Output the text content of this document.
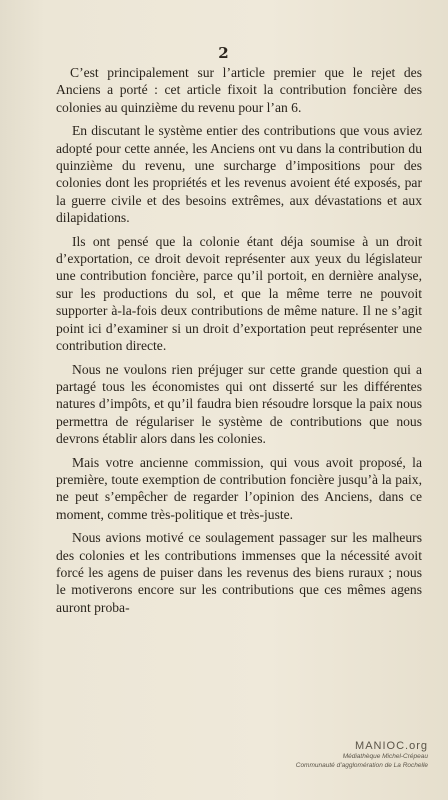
2

C’est principalement sur l’article premier que le rejet des Anciens a porté : cet article fixoit la contribution foncière des colonies au quinzième du revenu pour l’an 6.

En discutant le système entier des contributions que vous aviez adopté pour cette année, les Anciens ont vu dans la contribution du quinzième du revenu, une surcharge d’impositions pour des colonies dont les propriétés et les revenus avoient été exposés, par la guerre civile et des besoins extrêmes, aux dévastations et aux dilapidations.

Ils ont pensé que la colonie étant déja soumise à un droit d’exportation, ce droit devoit représenter aux yeux du législateur une contribution foncière, parce qu’il portoit, en dernière analyse, sur les productions du sol, et que la même terre ne pouvoit supporter à-la-fois deux contributions de même nature. Il ne s’agit point ici d’examiner si un droit d’exportation peut représenter une contribution directe.

Nous ne voulons rien préjuger sur cette grande question qui a partagé tous les économistes qui ont disserté sur les différentes natures d’impôts, et qu’il faudra bien résoudre lorsque la paix nous permettra de régulariser le système de contributions que nous devrons établir alors dans les colonies.

Mais votre ancienne commission, qui vous avoit proposé, la première, toute exemption de contribution foncière jusqu’à la paix, ne peut s’empêcher de regarder l’opinion des Anciens, dans ce moment, comme très-politique et très-juste.

Nous avions motivé ce soulagement passager sur les malheurs des colonies et les contributions immenses que la nécessité avoit forcé les agens de puiser dans les revenus des biens ruraux ; nous le motiverons encore sur les contributions que ces mêmes agens auront proba-

MANIOC.org
Médiathèque Michel-Crépeau
Communauté d’agglomération de La Rochelle
